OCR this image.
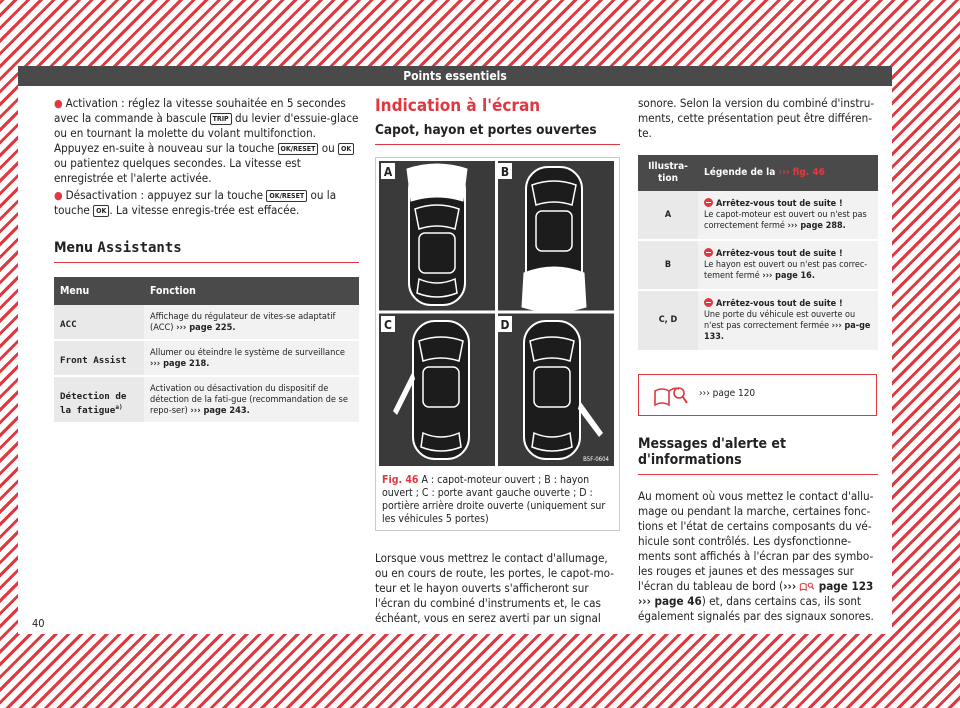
Points essentiels

● Activation : réglez la vitesse souhaitée en 5 secondes avec la commande à bascule TRIP du levier d'essuie-glace ou en tournant la molette du volant multifonction. Appuyez en-suite à nouveau sur la touche OK/RESET ou OK ou patientez quelques secondes. La vitesse est enregistrée et l'alerte activée.

● Désactivation : appuyez sur la touche OK/RESET ou la touche OK . La vitesse enregis-trée est effacée.

Menu Assistants
Menu	Fonction
ACC	Affichage du régulateur de vites-se adaptatif (ACC) ››› page 225.
Front Assist	Allumer ou éteindre le système de surveillance ››› page 218.
Détection de la fatigue$^{a)}$	Activation ou désactivation du dispositif de détection de la fati-gue (recommandation de se repo-ser) ››› page 243.

Indication à l'écran

Capot, hayon et portes ouvertes
A	B
C	D
B5F-0604

Fig. 46 A : capot-moteur ouvert ; B : hayon ouvert ; C : porte avant gauche ouverte ; D : portière arrière droite ouverte (uniquement sur les véhicules 5 portes)

Lorsque vous mettrez le contact d'allumage, ou en cours de route, les portes, le capot-mo-teur et le hayon ouverts s'afficheront sur l'écran du combiné d'instruments et, le cas échéant, vous en serez averti par un signal

sonore. Selon la version du combiné d'instru-ments, cette présentation peut être différen-te.

Illustra-tion	Légende de la ››› fig. 46
A	Arrêtez-vous tout de suite !
Le capot-moteur est ouvert ou n'est pas correctement fermé ››› page 288.
B	Arrêtez-vous tout de suite !
Le hayon est ouvert ou n'est pas correc-tement fermé ››› page 16.
C, D	Arrêtez-vous tout de suite !
Une porte du véhicule est ouverte ou n'est pas correctement fermée ››› pa-ge 133.
››› page 120
Messages d'alerte et d'informations

Au moment où vous mettez le contact d'allu-mage ou pendant la marche, certaines fonc-tions et l'état de certains composants du vé-hicule sont contrôlés. Les dysfonctionne-ments sont affichés à l'écran par des symbo-les rouges et jaunes et des messages sur l'écran du tableau de bord (››› page 123 ››› page 46) et, dans certains cas, ils sont également signalés par des signaux sonores.

40
